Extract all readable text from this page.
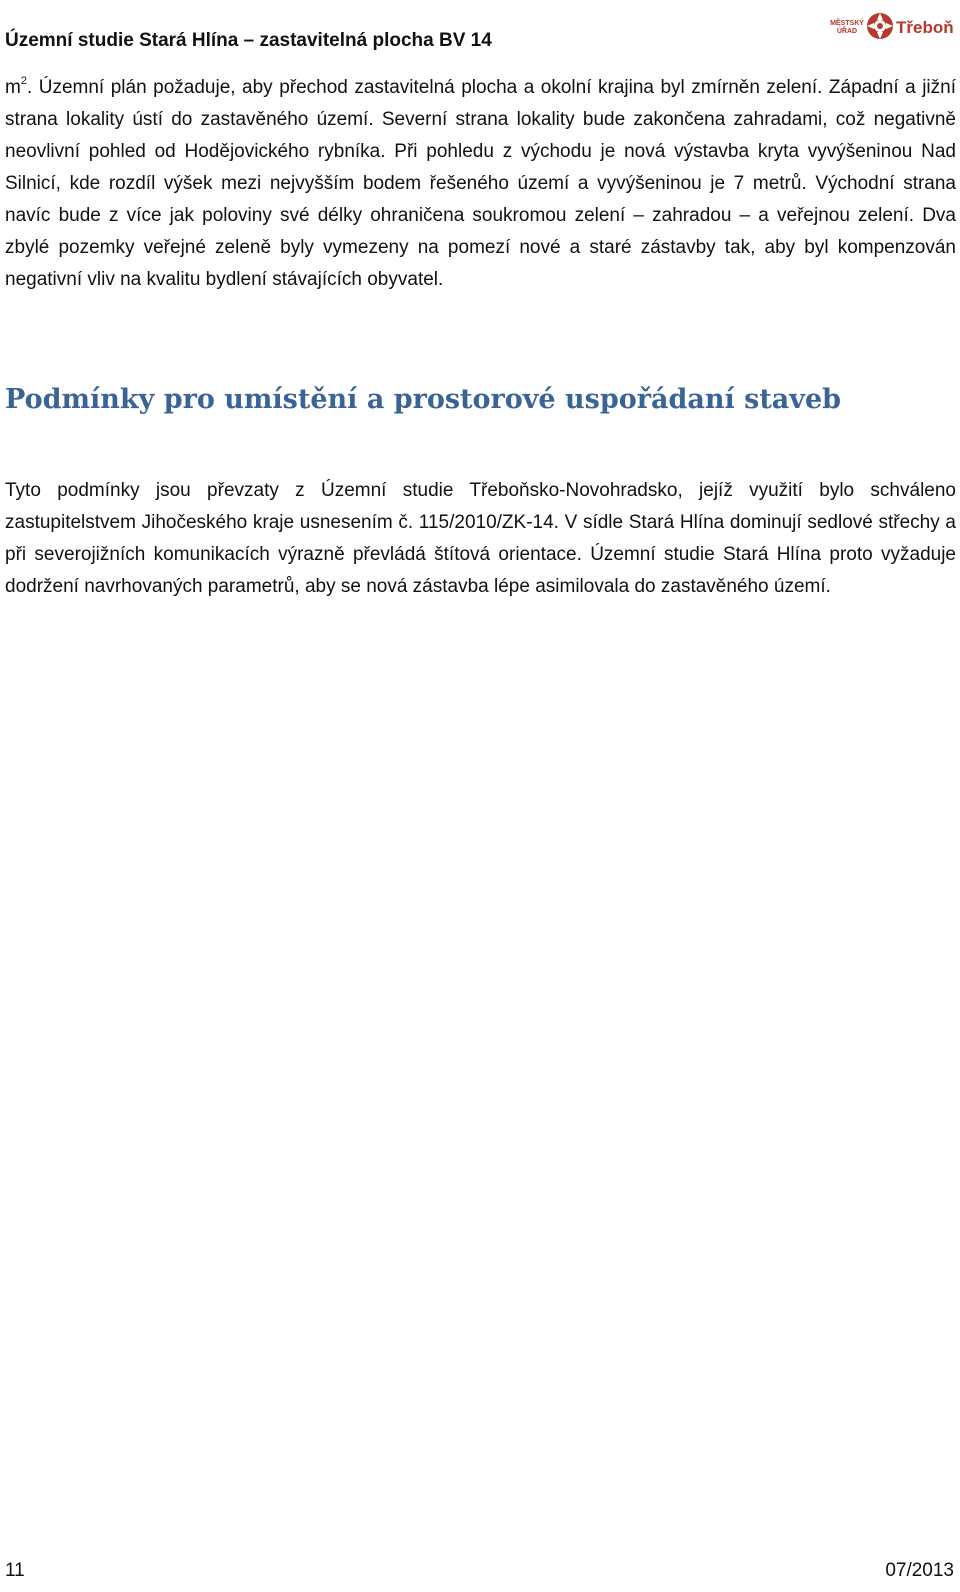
Územní studie Stará Hlína – zastavitelná plocha BV 14
MĚSTSKÝ
ÚŘAD	Třeboň
$m^2$. Územní plán požaduje, aby přechod zastavitelná plocha a okolní krajina byl zmírněn zelení. Západní a jižní strana lokality ústí do zastavěného území. Severní strana lokality bude zakončena zahradami, což negativně neovlivní pohled od Hodějovického rybníka. Při pohledu z východu je nová výstavba kryta vyvýšeninou Nad Silnicí, kde rozdíl výšek mezi nejvyšším bodem řešeného území a vyvýšeninou je 7 metrů. Východní strana navíc bude z více jak poloviny své délky ohraničena soukromou zelení – zahradou – a veřejnou zelení. Dva zbylé pozemky veřejné zeleně byly vymezeny na pomezí nové a staré zástavby tak, aby byl kompenzován negativní vliv na kvalitu bydlení stávajících obyvatel.
Podmínky pro umístění a prostorové uspořádaní staveb
Tyto podmínky jsou převzaty z Územní studie Třeboňsko-Novohradsko, jejíž využití bylo schváleno zastupitelstvem Jihočeského kraje usnesením č. 115/2010/ZK-14. V sídle Stará Hlína dominují sedlové střechy a při severojižních komunikacích výrazně převládá štítová orientace. Územní studie Stará Hlína proto vyžaduje dodržení navrhovaných parametrů, aby se nová zástavba lépe asimilovala do zastavěného území.
11	07/2013
